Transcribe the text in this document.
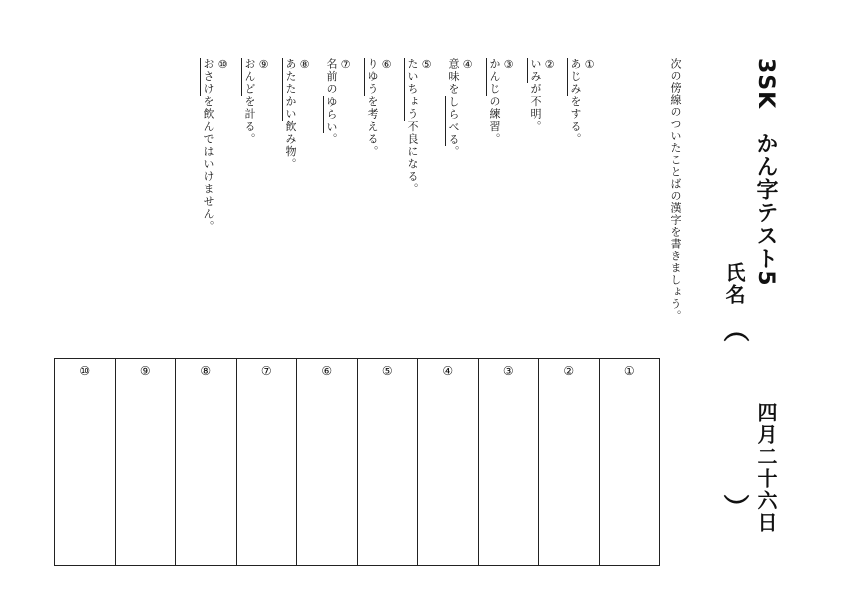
3SK　かん字テスト5
氏名
（
） 四月二十六日
次の傍線のついたことばの漢字を書きましょう。
①
あじみをする。
②
いみが不明。
③
かんじの練習。
④
意味をしらべる。
⑤
たいちょう不良になる。
⑥
りゆうを考える。
⑦
名前のゆらい。
⑧
あたたかい飲み物。
⑨
おんどを計る。
⑩
おさけを飲んではいけません。
⑩	⑨	⑧	⑦	⑥	⑤	④	③	②	①
